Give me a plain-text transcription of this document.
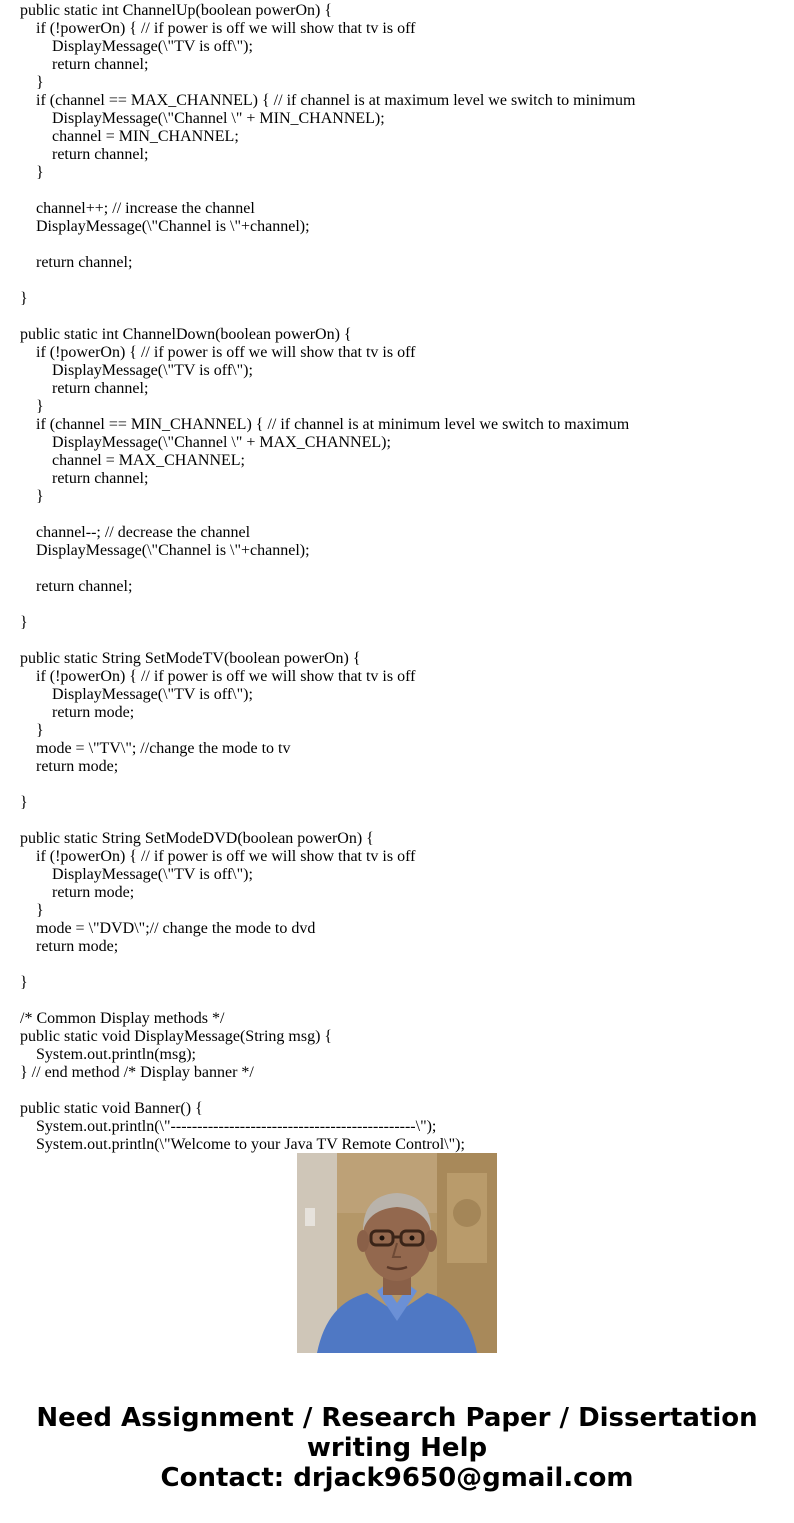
public static int ChannelUp(boolean powerOn) {
if (!powerOn) { // if power is off we will show that tv is off
DisplayMessage(\"TV is off\");
return channel;
}
if (channel == MAX_CHANNEL) { // if channel is at maximum level we switch to minimum
DisplayMessage(\"Channel \" + MIN_CHANNEL);
channel = MIN_CHANNEL;
return channel;
}

channel++; // increase the channel
DisplayMessage(\"Channel is \"+channel);

return channel;

}

public static int ChannelDown(boolean powerOn) {
if (!powerOn) { // if power is off we will show that tv is off
DisplayMessage(\"TV is off\");
return channel;
}
if (channel == MIN_CHANNEL) { // if channel is at minimum level we switch to maximum
DisplayMessage(\"Channel \" + MAX_CHANNEL);
channel = MAX_CHANNEL;
return channel;
}

channel--; // decrease the channel
DisplayMessage(\"Channel is \"+channel);

return channel;

}

public static String SetModeTV(boolean powerOn) {
if (!powerOn) { // if power is off we will show that tv is off
DisplayMessage(\"TV is off\");
return mode;
}
mode = \"TV\"; //change the mode to tv
return mode;

}

public static String SetModeDVD(boolean powerOn) {
if (!powerOn) { // if power is off we will show that tv is off
DisplayMessage(\"TV is off\");
return mode;
}
mode = \"DVD\";// change the mode to dvd
return mode;

}

/* Common Display methods */
public static void DisplayMessage(String msg) {
System.out.println(msg);
} // end method /* Display banner */

public static void Banner() {
System.out.println(\"----------------------------------------------\");
System.out.println(\"Welcome to your Java TV Remote Control\");
Need Assignment / Research Paper / Dissertation
writing Help
Contact: drjack9650@gmail.com
